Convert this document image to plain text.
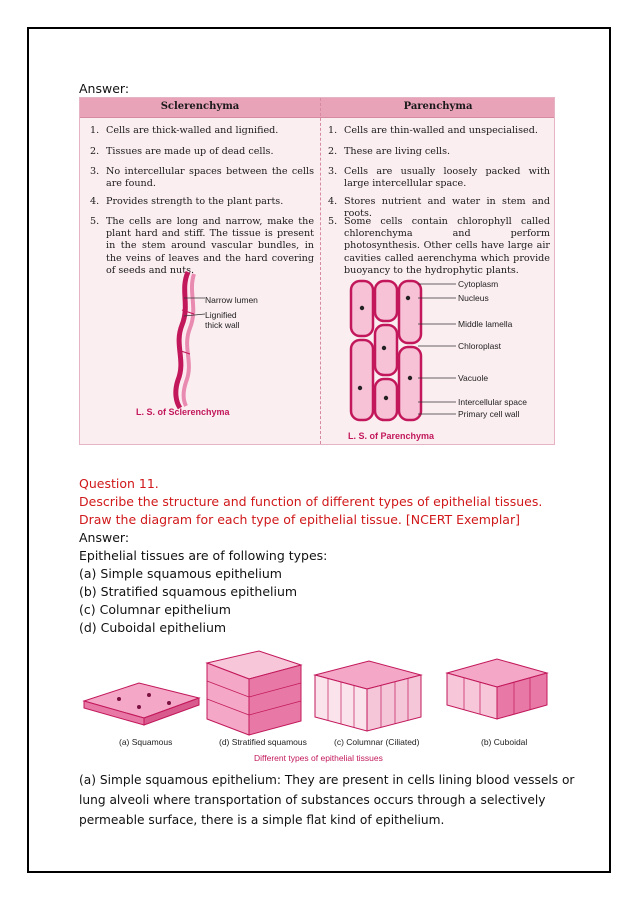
Answer:
Sclerenchyma	Parenchyma
1. Cells are thick-walled and lignified.
2. Tissues are made up of dead cells.
3. No intercellular spaces between the cells are found.
4. Provides strength to the plant parts.
5. The cells are long and narrow, make the plant hard and stiff. The tissue is present in the stem around vascular bundles, in the veins of leaves and the hard covering of seeds and nuts.
1. Cells are thin-walled and unspecialised.
2. These are living cells.
3. Cells are usually loosely packed with large intercellular space.
4. Stores nutrient and water in stem and roots.
5. Some cells contain chlorophyll called chlorenchyma and perform photosynthesis. Other cells have large air cavities called aerenchyma which provide buoyancy to the hydrophytic plants.
Narrow lumen
Lignified
thick wall
L. S. of Sclerenchyma
Cytoplasm
Nucleus
Middle lamella
Chloroplast
Vacuole
Intercellular space
Primary cell wall
L. S. of Parenchyma
Question 11.
Describe the structure and function of different types of epithelial tissues.
Draw the diagram for each type of epithelial tissue. [NCERT Exemplar]
Answer:
Epithelial tissues are of following types:
(a) Simple squamous epithelium
(b) Stratified squamous epithelium
(c) Columnar epithelium
(d) Cuboidal epithelium
(a) Squamous	(d) Stratified squamous	(c) Columnar (Ciliated)	(b) Cuboidal
Different types of epithelial tissues
(a) Simple squamous epithelium: They are present in cells lining blood vessels or
lung alveoli where transportation of substances occurs through a selectively
permeable surface, there is a simple flat kind of epithelium.
